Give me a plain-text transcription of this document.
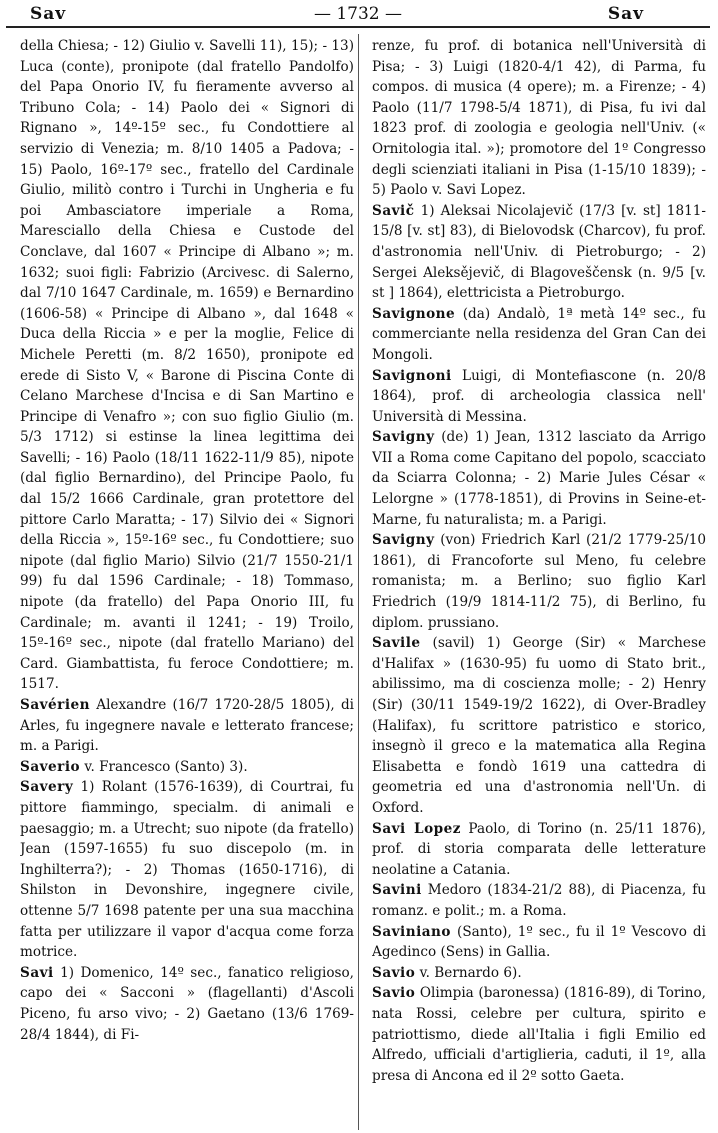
Sav	— 1732 —	Sav

della Chiesa; - 12) Giulio v. Savelli 11), 15); - 13) Luca (conte), pronipote (dal fratello Pandolfo) del Papa Onorio IV, fu fieramente avverso al Tribuno Cola; - 14) Paolo dei « Signori di Rignano », 14º-15º sec., fu Condottiere al servizio di Venezia; m. 8/10 1405 a Padova; - 15) Paolo, 16º-17º sec., fratello del Cardinale Giulio, militò contro i Turchi in Ungheria e fu poi Ambasciatore imperiale a Roma, Maresciallo della Chiesa e Custode del Conclave, dal 1607 « Principe di Albano »; m. 1632; suoi figli: Fabrizio (Arcivesc. di Salerno, dal 7/10 1647 Cardinale, m. 1659) e Bernardino (1606-58) « Principe di Albano », dal 1648 « Duca della Riccia » e per la moglie, Felice di Michele Peretti (m. 8/2 1650), pronipote ed erede di Sisto V, « Barone di Piscina Conte di Celano Marchese d'Incisa e di San Martino e Principe di Venafro »; con suo figlio Giulio (m. 5/3 1712) si estinse la linea legittima dei Savelli; - 16) Paolo (18/11 1622-11/9 85), nipote (dal figlio Bernardino), del Principe Paolo, fu dal 15/2 1666 Cardinale, gran protettore del pittore Carlo Maratta; - 17) Silvio dei « Signori della Riccia », 15º-16º sec., fu Condottiere; suo nipote (dal figlio Mario) Silvio (21/7 1550-21/1 99) fu dal 1596 Cardinale; - 18) Tommaso, nipote (da fratello) del Papa Onorio III, fu Cardinale; m. avanti il 1241; - 19) Troilo, 15º-16º sec., nipote (dal fratello Mariano) del Card. Giambattista, fu feroce Condottiere; m. 1517.

Savérien Alexandre (16/7 1720-28/5 1805), di Arles, fu ingegnere navale e letterato francese; m. a Parigi.

Saverio v. Francesco (Santo) 3).

Savery 1) Rolant (1576-1639), di Courtrai, fu pittore fiammingo, specialm. di animali e paesaggio; m. a Utrecht; suo nipote (da fratello) Jean (1597-1655) fu suo discepolo (m. in Inghilterra?); - 2) Thomas (1650-1716), di Shilston in Devonshire, ingegnere civile, ottenne 5/7 1698 patente per una sua macchina fatta per utilizzare il vapor d'acqua come forza motrice.

Savi 1) Domenico, 14º sec., fanatico religioso, capo dei « Sacconi » (flagellanti) d'Ascoli Piceno, fu arso vivo; - 2) Gaetano (13/6 1769-28/4 1844), di Fi-

renze, fu prof. di botanica nell'Università di Pisa; - 3) Luigi (1820-4/1 42), di Parma, fu compos. di musica (4 opere); m. a Firenze; - 4) Paolo (11/7 1798-5/4 1871), di Pisa, fu ivi dal 1823 prof. di zoologia e geologia nell'Univ. (« Ornitologia ital. »); promotore del 1º Congresso degli scienziati italiani in Pisa (1-15/10 1839); - 5) Paolo v. Savi Lopez.

Savič 1) Aleksai Nicolajevič (17/3 [v. st] 1811-15/8 [v. st] 83), di Bielovodsk (Charcov), fu prof. d'astronomia nell'Univ. di Pietroburgo; - 2) Sergei Aleksějevič, di Blagoveščensk (n. 9/5 [v. st ] 1864), elettricista a Pietroburgo.

Savignone (da) Andalò, 1ª metà 14º sec., fu commerciante nella residenza del Gran Can dei Mongoli.

Savignoni Luigi, di Montefiascone (n. 20/8 1864), prof. di archeologia classica nell' Università di Messina.

Savigny (de) 1) Jean, 1312 lasciato da Arrigo VII a Roma come Capitano del popolo, scacciato da Sciarra Colonna; - 2) Marie Jules César « Lelorgne » (1778-1851), di Provins in Seine-et-Marne, fu naturalista; m. a Parigi.

Savigny (von) Friedrich Karl (21/2 1779-25/10 1861), di Francoforte sul Meno, fu celebre romanista; m. a Berlino; suo figlio Karl Friedrich (19/9 1814-11/2 75), di Berlino, fu diplom. prussiano.

Savile (savil) 1) George (Sir) « Marchese d'Halifax » (1630-95) fu uomo di Stato brit., abilissimo, ma di coscienza molle; - 2) Henry (Sir) (30/11 1549-19/2 1622), di Over-Bradley (Halifax), fu scrittore patristico e storico, insegnò il greco e la matematica alla Regina Elisabetta e fondò 1619 una cattedra di geometria ed una d'astronomia nell'Un. di Oxford.

Savi Lopez Paolo, di Torino (n. 25/11 1876), prof. di storia comparata delle letterature neolatine a Catania.

Savini Medoro (1834-21/2 88), di Piacenza, fu romanz. e polit.; m. a Roma.

Saviniano (Santo), 1º sec., fu il 1º Vescovo di Agedinco (Sens) in Gallia.

Savio v. Bernardo 6).

Savio Olimpia (baronessa) (1816-89), di Torino, nata Rossi, celebre per cultura, spirito e patriottismo, diede all'Italia i figli Emilio ed Alfredo, ufficiali d'artiglieria, caduti, il 1º, alla presa di Ancona ed il 2º sotto Gaeta.
